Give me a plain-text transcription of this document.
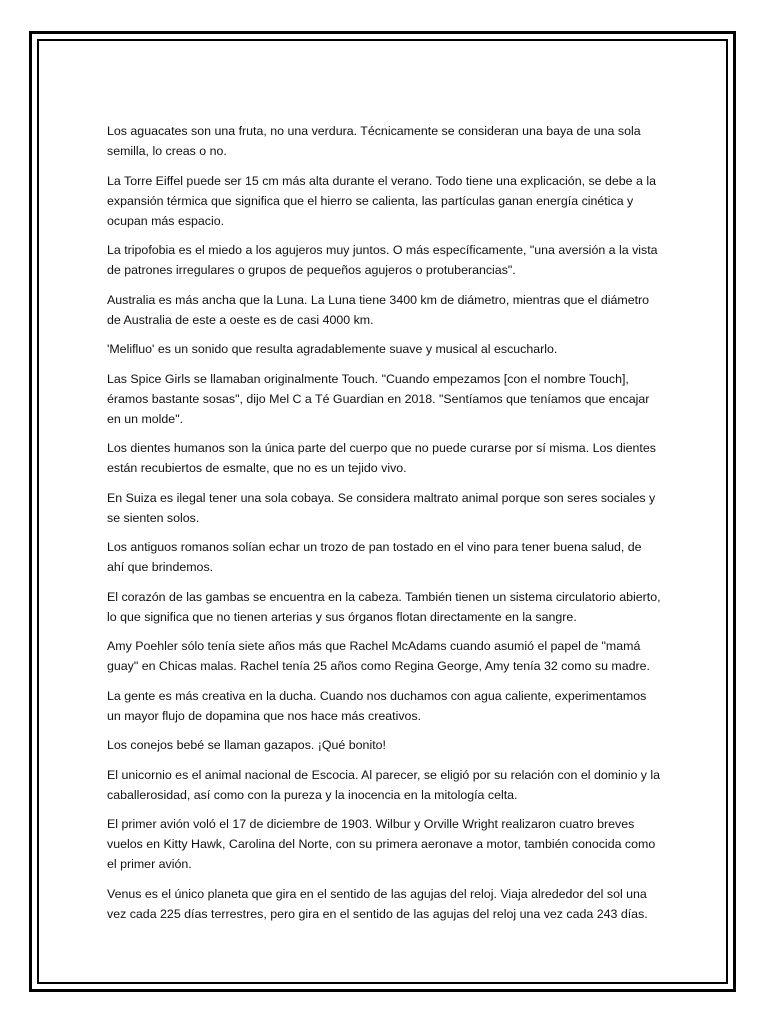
Los aguacates son una fruta, no una verdura. Técnicamente se consideran una baya de una sola semilla, lo creas o no.

La Torre Eiffel puede ser 15 cm más alta durante el verano. Todo tiene una explicación, se debe a la expansión térmica que significa que el hierro se calienta, las partículas ganan energía cinética y ocupan más espacio.

La tripofobia es el miedo a los agujeros muy juntos. O más específicamente, "una aversión a la vista de patrones irregulares o grupos de pequeños agujeros o protuberancias".

Australia es más ancha que la Luna. La Luna tiene 3400 km de diámetro, mientras que el diámetro de Australia de este a oeste es de casi 4000 km.

'Melifluo' es un sonido que resulta agradablemente suave y musical al escucharlo.

Las Spice Girls se llamaban originalmente Touch. "Cuando empezamos [con el nombre Touch], éramos bastante sosas", dijo Mel C a Té Guardian en 2018. "Sentíamos que teníamos que encajar en un molde".

Los dientes humanos son la única parte del cuerpo que no puede curarse por sí misma. Los dientes están recubiertos de esmalte, que no es un tejido vivo.

En Suiza es ilegal tener una sola cobaya. Se considera maltrato animal porque son seres sociales y se sienten solos.

Los antiguos romanos solían echar un trozo de pan tostado en el vino para tener buena salud, de ahí que brindemos.

El corazón de las gambas se encuentra en la cabeza. También tienen un sistema circulatorio abierto, lo que significa que no tienen arterias y sus órganos flotan directamente en la sangre.

Amy Poehler sólo tenía siete años más que Rachel McAdams cuando asumió el papel de "mamá guay" en Chicas malas. Rachel tenía 25 años como Regina George, Amy tenía 32 como su madre.

La gente es más creativa en la ducha. Cuando nos duchamos con agua caliente, experimentamos un mayor flujo de dopamina que nos hace más creativos.

Los conejos bebé se llaman gazapos. ¡Qué bonito!

El unicornio es el animal nacional de Escocia. Al parecer, se eligió por su relación con el dominio y la caballerosidad, así como con la pureza y la inocencia en la mitología celta.

El primer avión voló el 17 de diciembre de 1903. Wilbur y Orville Wright realizaron cuatro breves vuelos en Kitty Hawk, Carolina del Norte, con su primera aeronave a motor, también conocida como el primer avión.

Venus es el único planeta que gira en el sentido de las agujas del reloj. Viaja alrededor del sol una vez cada 225 días terrestres, pero gira en el sentido de las agujas del reloj una vez cada 243 días.
